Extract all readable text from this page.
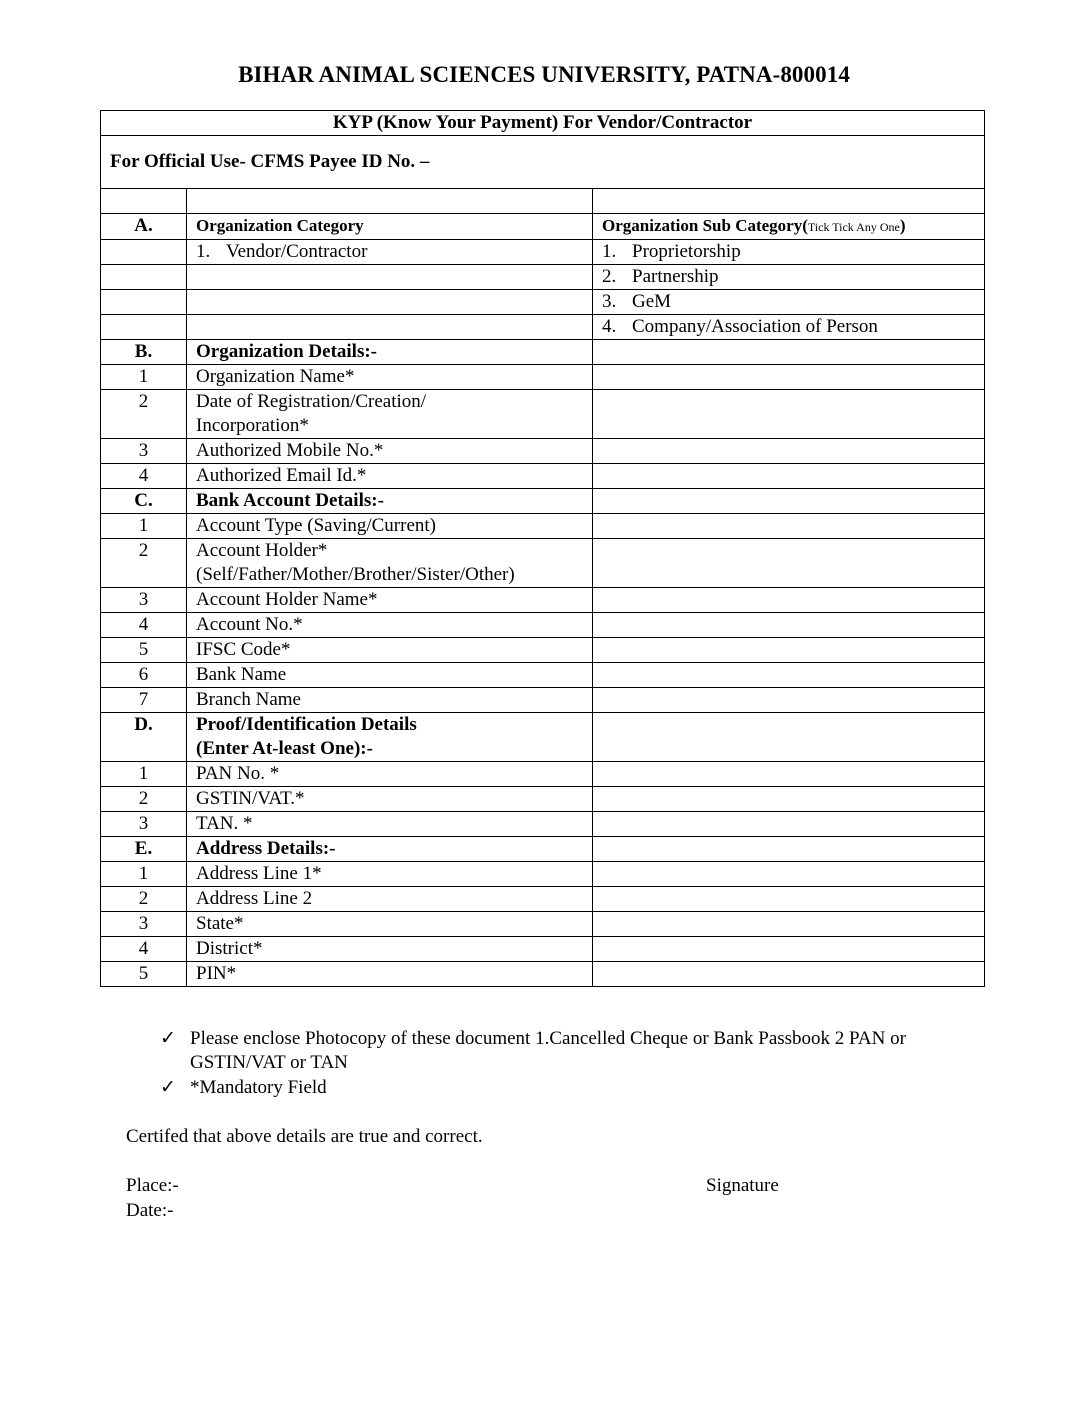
BIHAR ANIMAL SCIENCES UNIVERSITY, PATNA-800014
KYP (Know Your Payment) For Vendor/Contractor		
For Official Use- CFMS Payee ID No. –		

A.	Organization Category	Organization Sub Category(Tick Tick Any One)
	1. Vendor/Contractor	1. Proprietorship
		2. Partnership
		3. GeM
		4. Company/Association of Person
B.	Organization Details:-	
1	Organization Name*	
2	Date of Registration/Creation/
Incorporation*	

3	Authorized Mobile No.*	
4	Authorized Email Id.*	
C.	Bank Account Details:-	
1	Account Type (Saving/Current)	
2	Account Holder*
(Self/Father/Mother/Brother/Sister/Other)	

3	Account Holder Name*	
4	Account No.*	
5	IFSC Code*	
6	Bank Name	
7	Branch Name	
D.	Proof/Identification Details
(Enter At-least One):-	

1	PAN No. *	
2	GSTIN/VAT.*	
3	TAN. *	
E.	Address Details:-	
1	Address Line 1*	
2	Address Line 2	
3	State*	
4	District*	
5	PIN*	
✓ Please enclose Photocopy of these document 1.Cancelled Cheque or Bank Passbook 2 PAN or GSTIN/VAT or TAN
✓ *Mandatory Field
Certifed that above details are true and correct.
Place:-
Date:-
Signature
